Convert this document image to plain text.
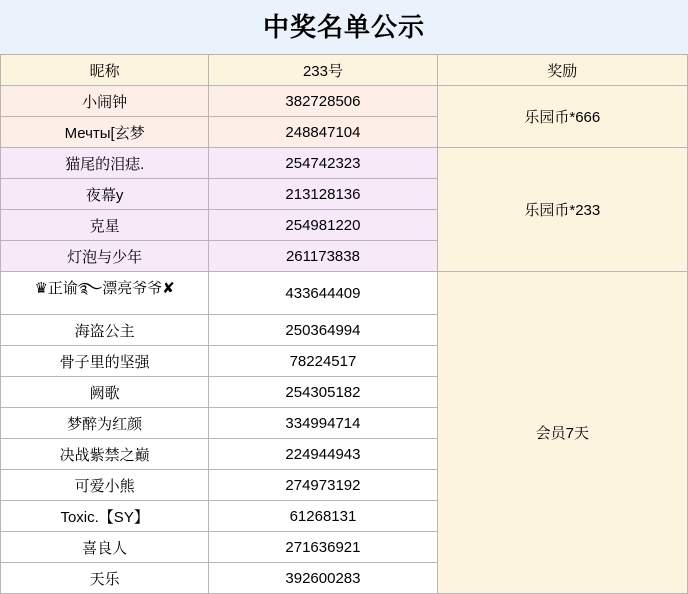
中奖名单公示
昵称	233号	奖励
小闹钟	382728506	乐园币*666
Мечты[玄梦	248847104	
猫尾的泪痣.	254742323	乐园币*233
夜幕y	213128136	
克星	254981220	
灯泡与少年	261173838	
♛正谕࿐漂亮爷爷✘	433644409	会员7天
海盗公主	250364994	
骨子里的坚强	78224517	
阙歌	254305182	
梦醉为红颜	334994714	
决战紫禁之巅	224944943	
可爱小熊	274973192	
Toxic.【SY】	61268131	
喜良人	271636921	
天乐	392600283	
